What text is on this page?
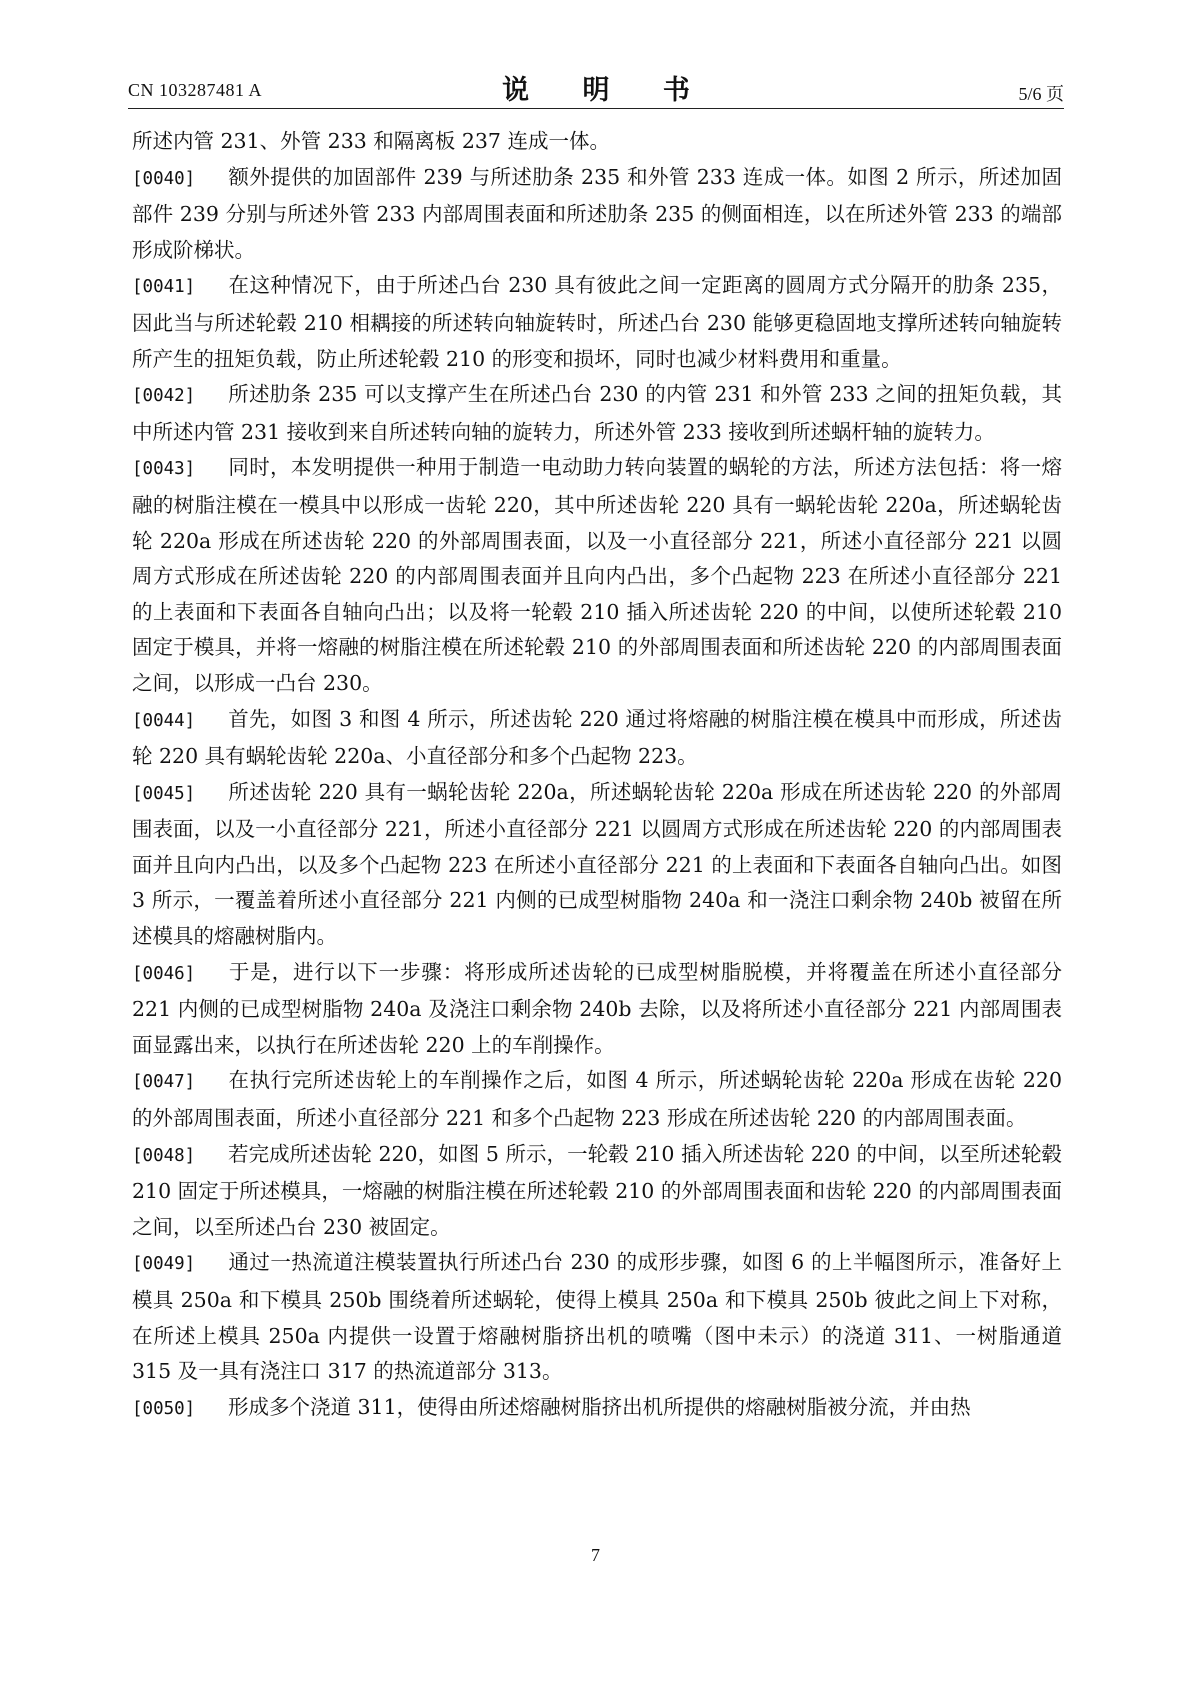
CN 103287481 A	说 明 书	5/6 页

所述内管 231、外管 233 和隔离板 237 连成一体。

[0040] 额外提供的加固部件 239 与所述肋条 235 和外管 233 连成一体。如图 2 所示，所述加固部件 239 分别与所述外管 233 内部周围表面和所述肋条 235 的侧面相连，以在所述外管 233 的端部形成阶梯状。

[0041] 在这种情况下，由于所述凸台 230 具有彼此之间一定距离的圆周方式分隔开的肋条 235，因此当与所述轮毂 210 相耦接的所述转向轴旋转时，所述凸台 230 能够更稳固地支撑所述转向轴旋转所产生的扭矩负载，防止所述轮毂 210 的形变和损坏，同时也减少材料费用和重量。

[0042] 所述肋条 235 可以支撑产生在所述凸台 230 的内管 231 和外管 233 之间的扭矩负载，其中所述内管 231 接收到来自所述转向轴的旋转力，所述外管 233 接收到所述蜗杆轴的旋转力。

[0043] 同时，本发明提供一种用于制造一电动助力转向装置的蜗轮的方法，所述方法包括：将一熔融的树脂注模在一模具中以形成一齿轮 220，其中所述齿轮 220 具有一蜗轮齿轮 220a，所述蜗轮齿轮 220a 形成在所述齿轮 220 的外部周围表面，以及一小直径部分 221，所述小直径部分 221 以圆周方式形成在所述齿轮 220 的内部周围表面并且向内凸出，多个凸起物 223 在所述小直径部分 221 的上表面和下表面各自轴向凸出；以及将一轮毂 210 插入所述齿轮 220 的中间，以使所述轮毂 210 固定于模具，并将一熔融的树脂注模在所述轮毂 210 的外部周围表面和所述齿轮 220 的内部周围表面之间，以形成一凸台 230。

[0044] 首先，如图 3 和图 4 所示，所述齿轮 220 通过将熔融的树脂注模在模具中而形成，所述齿轮 220 具有蜗轮齿轮 220a、小直径部分和多个凸起物 223。

[0045] 所述齿轮 220 具有一蜗轮齿轮 220a，所述蜗轮齿轮 220a 形成在所述齿轮 220 的外部周围表面，以及一小直径部分 221，所述小直径部分 221 以圆周方式形成在所述齿轮 220 的内部周围表面并且向内凸出，以及多个凸起物 223 在所述小直径部分 221 的上表面和下表面各自轴向凸出。如图 3 所示，一覆盖着所述小直径部分 221 内侧的已成型树脂物 240a 和一浇注口剩余物 240b 被留在所述模具的熔融树脂内。

[0046] 于是，进行以下一步骤：将形成所述齿轮的已成型树脂脱模，并将覆盖在所述小直径部分 221 内侧的已成型树脂物 240a 及浇注口剩余物 240b 去除，以及将所述小直径部分 221 内部周围表面显露出来，以执行在所述齿轮 220 上的车削操作。

[0047] 在执行完所述齿轮上的车削操作之后，如图 4 所示，所述蜗轮齿轮 220a 形成在齿轮 220 的外部周围表面，所述小直径部分 221 和多个凸起物 223 形成在所述齿轮 220 的内部周围表面。

[0048] 若完成所述齿轮 220，如图 5 所示，一轮毂 210 插入所述齿轮 220 的中间，以至所述轮毂 210 固定于所述模具，一熔融的树脂注模在所述轮毂 210 的外部周围表面和齿轮 220 的内部周围表面之间，以至所述凸台 230 被固定。

[0049] 通过一热流道注模装置执行所述凸台 230 的成形步骤，如图 6 的上半幅图所示，准备好上模具 250a 和下模具 250b 围绕着所述蜗轮，使得上模具 250a 和下模具 250b 彼此之间上下对称，在所述上模具 250a 内提供一设置于熔融树脂挤出机的喷嘴（图中未示）的浇道 311、一树脂通道 315 及一具有浇注口 317 的热流道部分 313。

[0050] 形成多个浇道 311，使得由所述熔融树脂挤出机所提供的熔融树脂被分流，并由热

7
